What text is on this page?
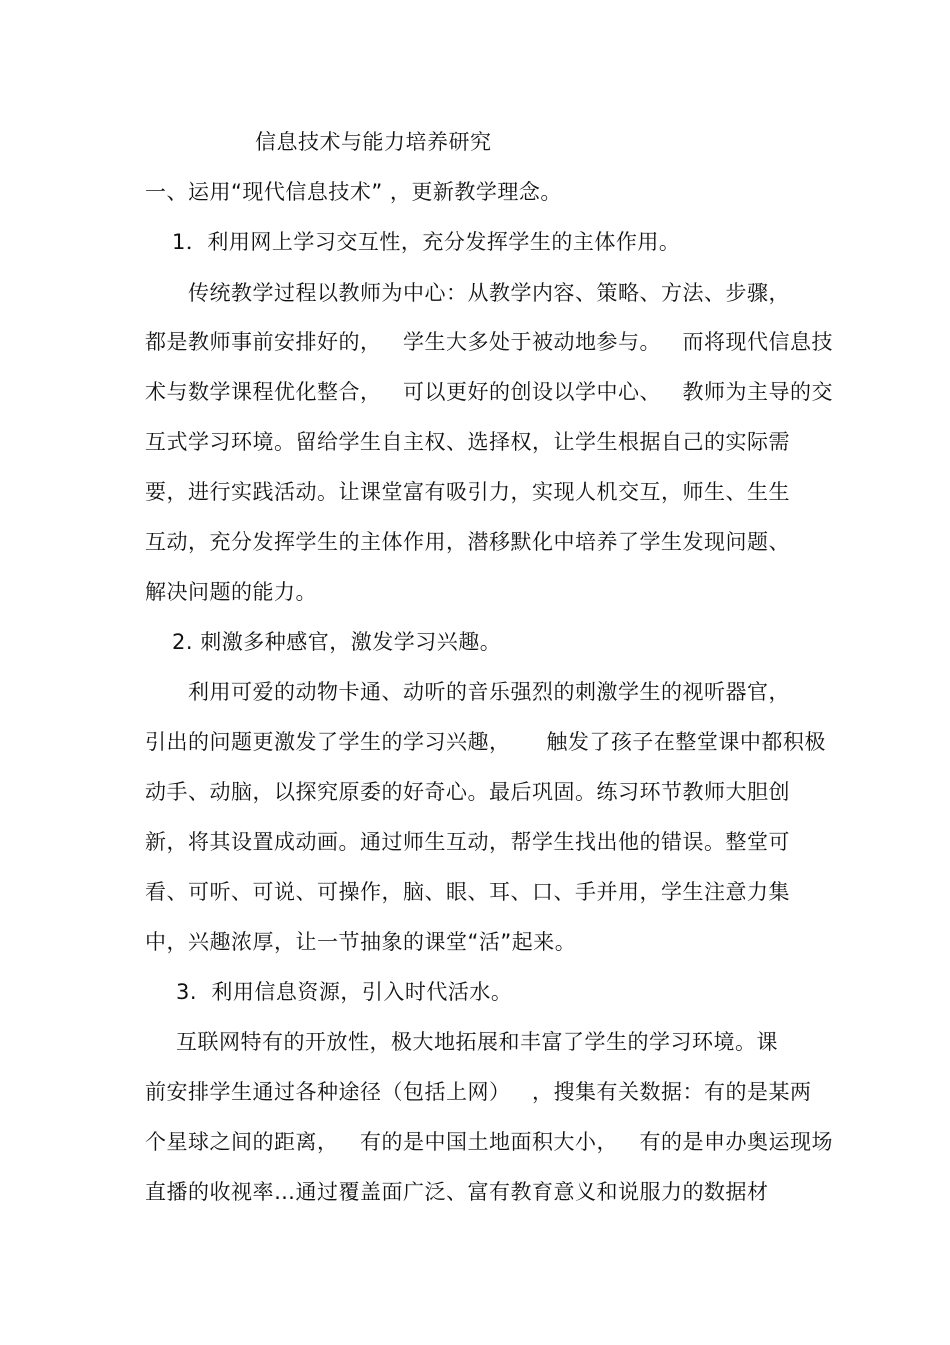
信息技术与能力培养研究
一、运用“现代信息技术” ，更新教学理念。
1．利用网上学习交互性，充分发挥学生的主体作用。
传统教学过程以教师为中心：从教学内容、策略、方法、步骤，
都是教师事前安排好的，   学生大多处于被动地参与。   而将现代信息技
术与数学课程优化整合，   可以更好的创设以学中心、   教师为主导的交
互式学习环境。留给学生自主权、选择权，让学生根据自己的实际需
要，进行实践活动。让课堂富有吸引力，实现人机交互，师生、生生
互动，充分发挥学生的主体作用，潜移默化中培养了学生发现问题、
解决问题的能力。
2. 刺激多种感官，激发学习兴趣。
利用可爱的动物卡通、动听的音乐强烈的刺激学生的视听器官，
引出的问题更激发了学生的学习兴趣，     触发了孩子在整堂课中都积极
动手、动脑，以探究原委的好奇心。最后巩固。练习环节教师大胆创
新，将其设置成动画。通过师生互动，帮学生找出他的错误。整堂可
看、可听、可说、可操作，脑、眼、耳、口、手并用，学生注意力集
中，兴趣浓厚，让一节抽象的课堂“活”起来。
3.  利用信息资源，引入时代活水。
互联网特有的开放性，极大地拓展和丰富了学生的学习环境。课
前安排学生通过各种途径（包括上网）   ，搜集有关数据：有的是某两
个星球之间的距离，   有的是中国土地面积大小，   有的是申办奥运现场
直播的收视率…通过覆盖面广泛、富有教育意义和说服力的数据材
